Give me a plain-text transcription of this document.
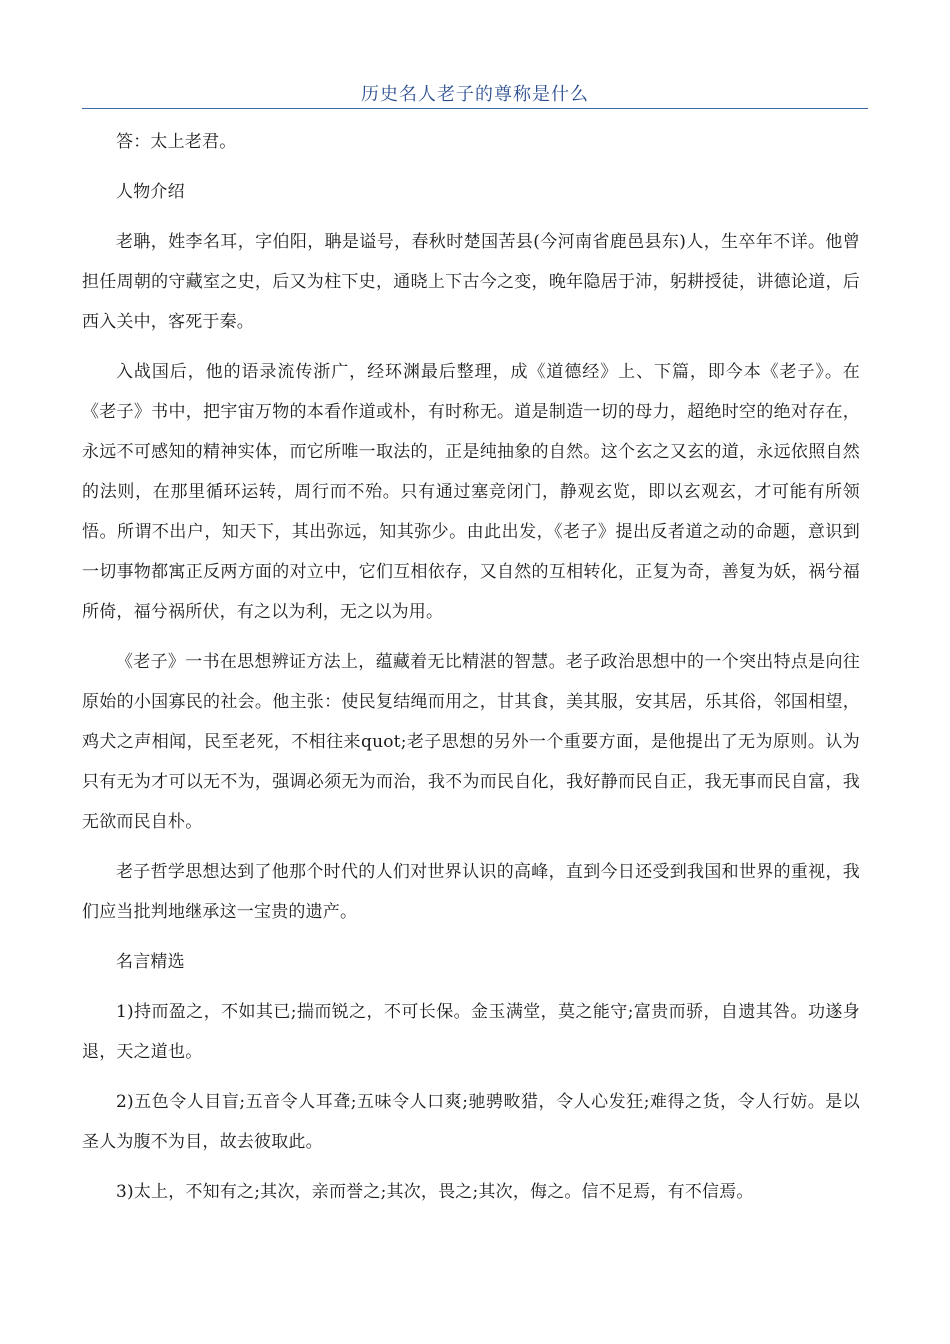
历史名人老子的尊称是什么

答：太上老君。

人物介绍

老聃，姓李名耳，字伯阳，聃是谥号，春秋时楚国苦县(今河南省鹿邑县东)人，生卒年不详。他曾担任周朝的守藏室之史，后又为柱下史，通晓上下古今之变，晚年隐居于沛，躬耕授徒，讲德论道，后西入关中，客死于秦。

入战国后，他的语录流传浙广，经环渊最后整理，成《道德经》上、下篇，即今本《老子》。在《老子》书中，把宇宙万物的本看作道或朴，有时称无。道是制造一切的母力，超绝时空的绝对存在，永远不可感知的精神实体，而它所唯一取法的，正是纯抽象的自然。这个玄之又玄的道，永远依照自然的法则，在那里循环运转，周行而不殆。只有通过塞竞闭门，静观玄览，即以玄观玄，才可能有所领悟。所谓不出户，知天下，其出弥远，知其弥少。由此出发，《老子》提出反者道之动的命题，意识到一切事物都寓正反两方面的对立中，它们互相依存，又自然的互相转化，正复为奇，善复为妖，祸兮福所倚，福兮祸所伏，有之以为利，无之以为用。

《老子》一书在思想辨证方法上，蕴藏着无比精湛的智慧。老子政治思想中的一个突出特点是向往原始的小国寡民的社会。他主张：使民复结绳而用之，甘其食，美其服，安其居，乐其俗，邻国相望，鸡犬之声相闻，民至老死，不相往来quot;老子思想的另外一个重要方面，是他提出了无为原则。认为只有无为才可以无不为，强调必须无为而治，我不为而民自化，我好静而民自正，我无事而民自富，我无欲而民自朴。

老子哲学思想达到了他那个时代的人们对世界认识的高峰，直到今日还受到我国和世界的重视，我们应当批判地继承这一宝贵的遗产。

名言精选

1)持而盈之，不如其已;揣而锐之，不可长保。金玉满堂，莫之能守;富贵而骄，自遗其咎。功遂身退，天之道也。

2)五色令人目盲;五音令人耳聋;五味令人口爽;驰骋畋猎，令人心发狂;难得之货，令人行妨。是以圣人为腹不为目，故去彼取此。

3)太上，不知有之;其次，亲而誉之;其次，畏之;其次，侮之。信不足焉，有不信焉。
